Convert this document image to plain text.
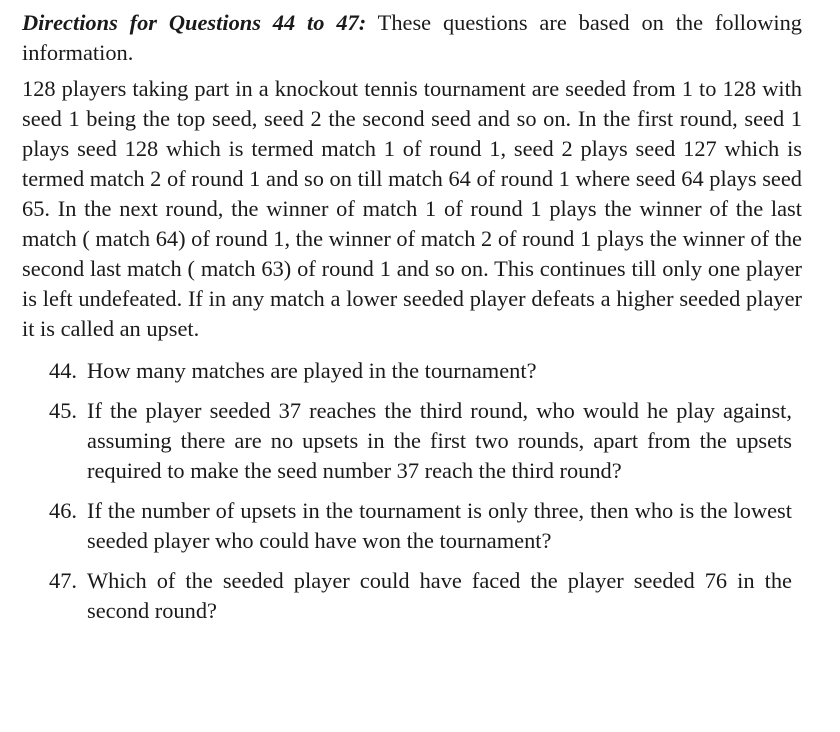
Directions for Questions 44 to 47: These questions are based on the following information.

128 players taking part in a knockout tennis tournament are seeded from 1 to 128 with seed 1 being the top seed, seed 2 the second seed and so on. In the first round, seed 1 plays seed 128 which is termed match 1 of round 1, seed 2 plays seed 127 which is termed match 2 of round 1 and so on till match 64 of round 1 where seed 64 plays seed 65. In the next round, the winner of match 1 of round 1 plays the winner of the last match ( match 64) of round 1, the winner of match 2 of round 1 plays the winner of the second last match ( match 63) of round 1 and so on. This continues till only one player is left undefeated. If in any match a lower seeded player defeats a higher seeded player it is called an upset.

44. How many matches are played in the tournament?
45. If the player seeded 37 reaches the third round, who would he play against, assuming there are no upsets in the first two rounds, apart from the upsets required to make the seed number 37 reach the third round?
46. If the number of upsets in the tournament is only three, then who is the lowest seeded player who could have won the tournament?
47. Which of the seeded player could have faced the player seeded 76 in the second round?
